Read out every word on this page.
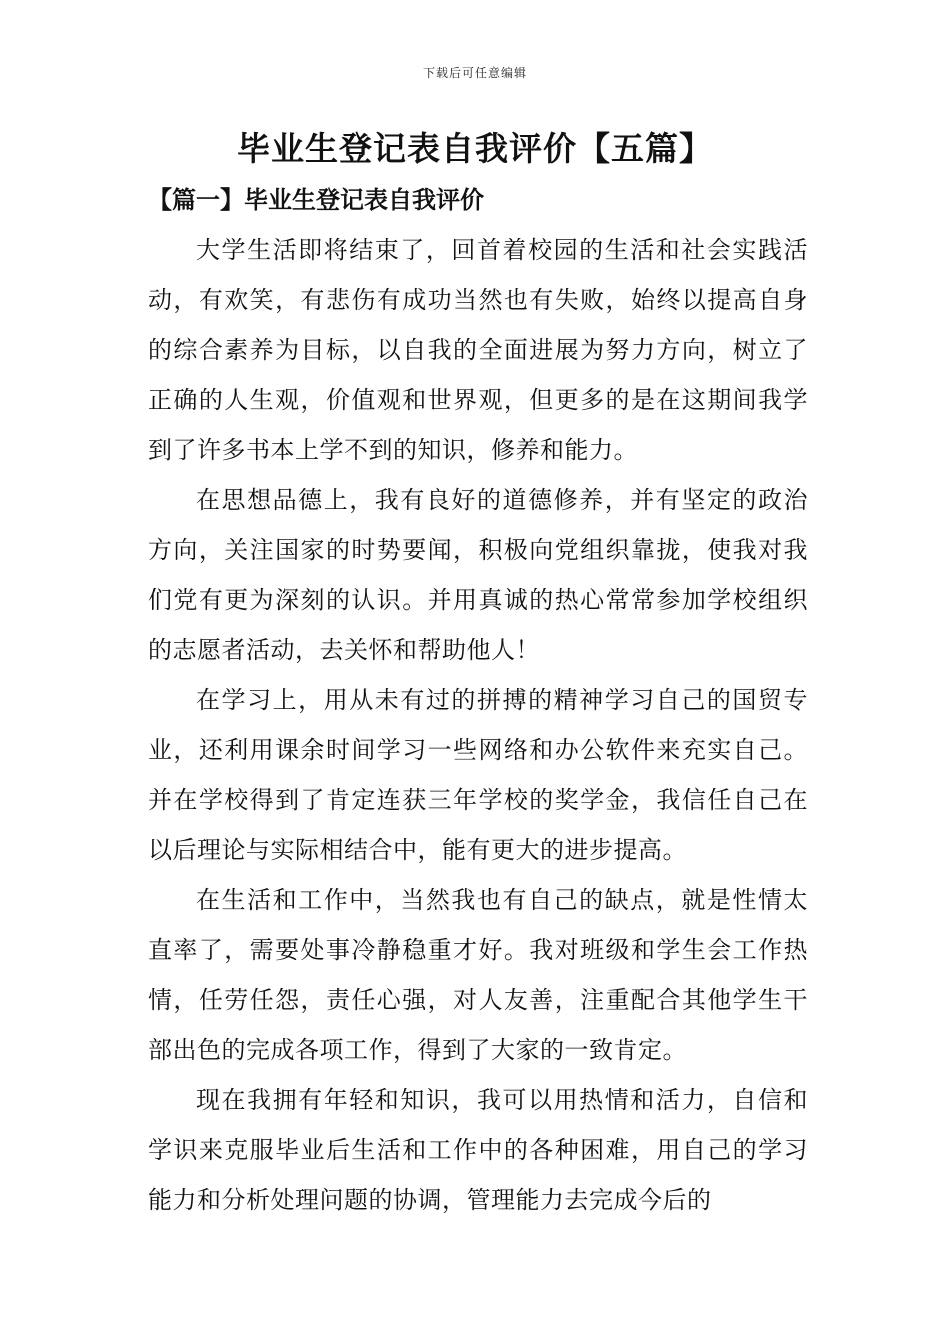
下载后可任意编辑
毕业生登记表自我评价【五篇】
【篇一】毕业生登记表自我评价

大学生活即将结束了，回首着校园的生活和社会实践活动，有欢笑，有悲伤有成功当然也有失败，始终以提高自身的综合素养为目标，以自我的全面进展为努力方向，树立了正确的人生观，价值观和世界观，但更多的是在这期间我学到了许多书本上学不到的知识，修养和能力。

在思想品德上，我有良好的道德修养，并有坚定的政治方向，关注国家的时势要闻，积极向党组织靠拢，使我对我们党有更为深刻的认识。并用真诚的热心常常参加学校组织的志愿者活动，去关怀和帮助他人！

在学习上，用从未有过的拼搏的精神学习自己的国贸专业，还利用课余时间学习一些网络和办公软件来充实自己。并在学校得到了肯定连获三年学校的奖学金，我信任自己在以后理论与实际相结合中，能有更大的进步提高。

在生活和工作中，当然我也有自己的缺点，就是性情太直率了，需要处事冷静稳重才好。我对班级和学生会工作热情，任劳任怨，责任心强，对人友善，注重配合其他学生干部出色的完成各项工作，得到了大家的一致肯定。

现在我拥有年轻和知识，我可以用热情和活力，自信和学识来克服毕业后生活和工作中的各种困难，用自己的学习能力和分析处理问题的协调，管理能力去完成今后的
